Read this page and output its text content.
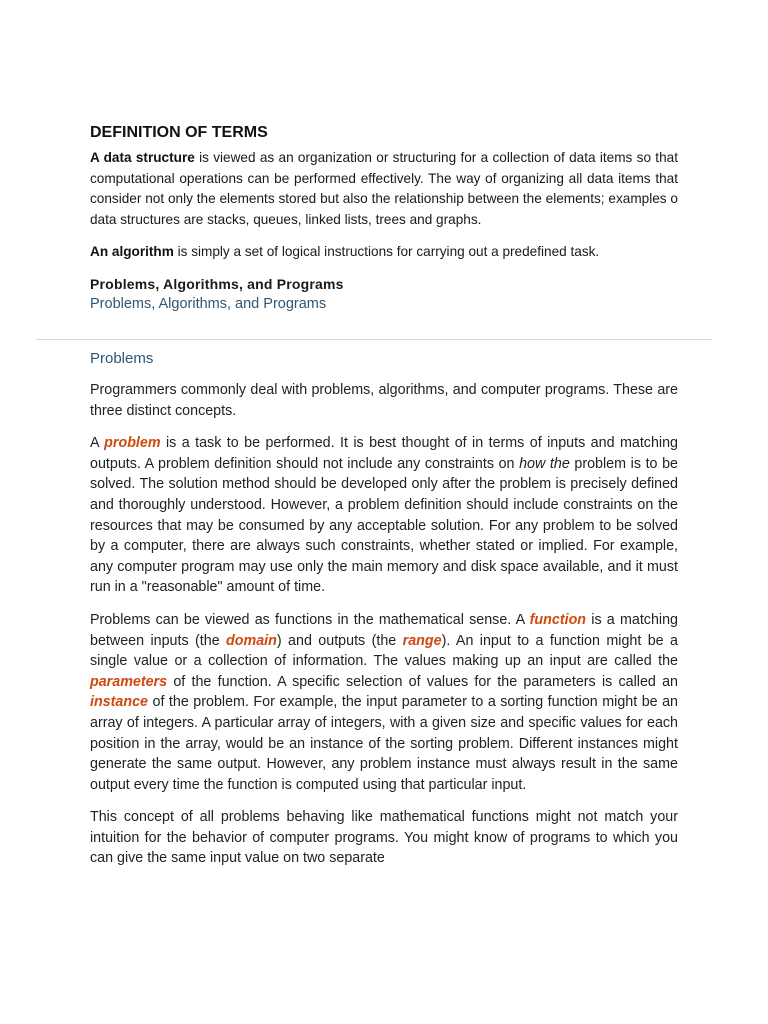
DEFINITION OF TERMS

A data structure is viewed as an organization or structuring for a collection of data items so that computational operations can be performed effectively. The way of organizing all data items that consider not only the elements stored but also the relationship between the elements; examples o data structures are stacks, queues, linked lists, trees and graphs.

An algorithm is simply a set of logical instructions for carrying out a predefined task.

Problems, Algorithms, and Programs

Problems, Algorithms, and Programs

Problems

Programmers commonly deal with problems, algorithms, and computer programs. These are three distinct concepts.

A problem is a task to be performed. It is best thought of in terms of inputs and matching outputs. A problem definition should not include any constraints on how the problem is to be solved. The solution method should be developed only after the problem is precisely defined and thoroughly understood. However, a problem definition should include constraints on the resources that may be consumed by any acceptable solution. For any problem to be solved by a computer, there are always such constraints, whether stated or implied. For example, any computer program may use only the main memory and disk space available, and it must run in a "reasonable" amount of time.

Problems can be viewed as functions in the mathematical sense. A function is a matching between inputs (the domain) and outputs (the range). An input to a function might be a single value or a collection of information. The values making up an input are called the parameters of the function. A specific selection of values for the parameters is called an instance of the problem. For example, the input parameter to a sorting function might be an array of integers. A particular array of integers, with a given size and specific values for each position in the array, would be an instance of the sorting problem. Different instances might generate the same output. However, any problem instance must always result in the same output every time the function is computed using that particular input.

This concept of all problems behaving like mathematical functions might not match your intuition for the behavior of computer programs. You might know of programs to which you can give the same input value on two separate
